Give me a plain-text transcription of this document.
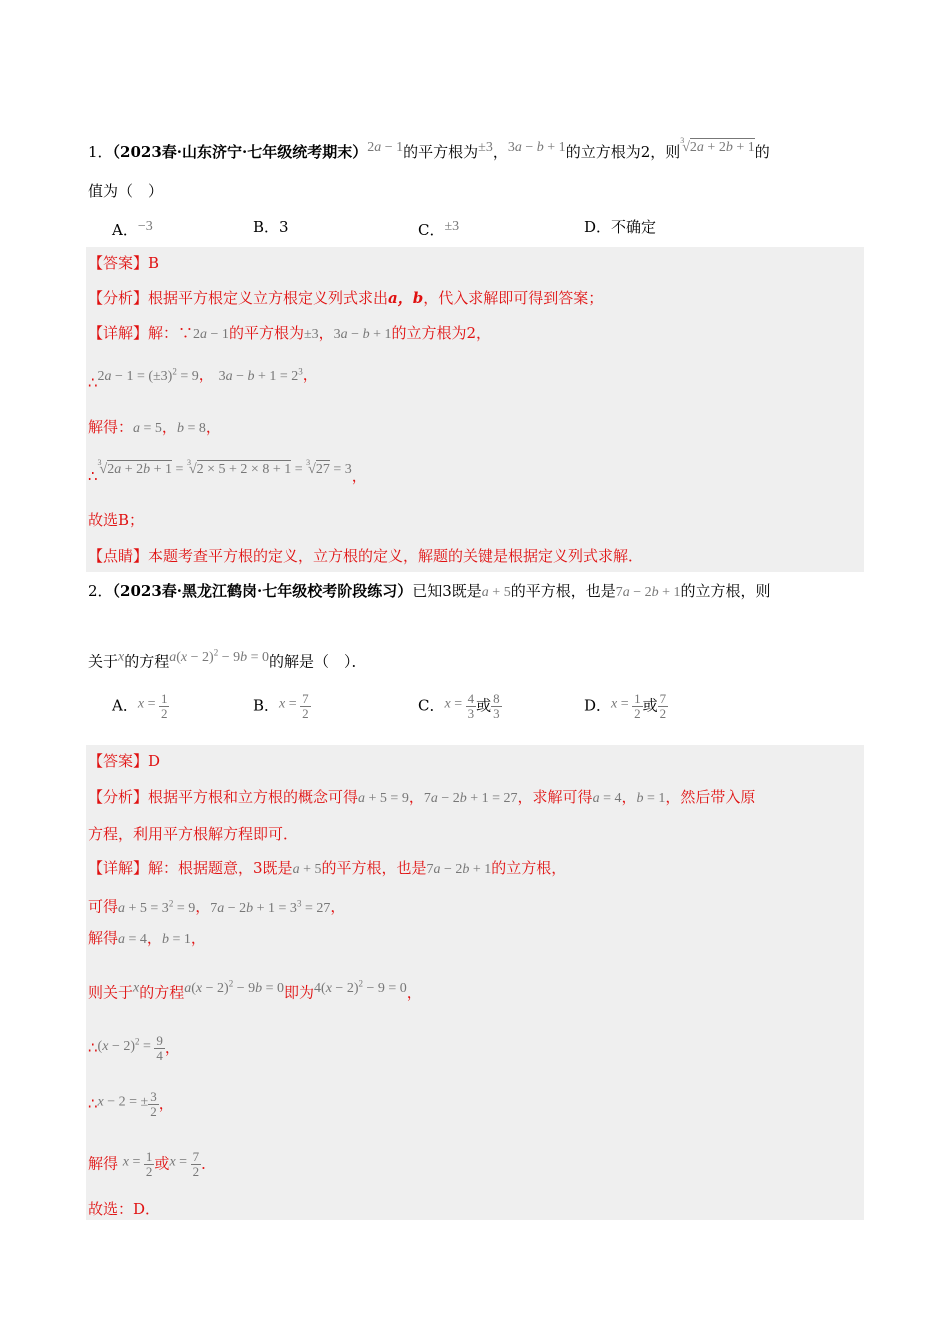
1．（2023春·山东济宁·七年级统考期末）2a − 1的平方根为±3，3a − b + 1的立方根为2，则$^3$√2a + 2b + 1的
值为（　）
A．−3	B．3	C．±3	D．不确定
【答案】B
【分析】根据平方根定义立方根定义列式求出a，b，代入求解即可得到答案；
【详解】解：∵2a − 1的平方根为±3，3a − b + 1的立方根为2，
∴2a − $1 = (\pm 3)^2 = 9$， $3a - b + 1 = 2^3$，
解得：a = 5，b = 8，
∴$^3$√2a + 2b + 1 = $^3$√2 × 5 + 2 × 8 + 1 = $^3$√27 = 3，
故选B；
【点睛】本题考查平方根的定义，立方根的定义，解题的关键是根据定义列式求解．
2．（2023春·黑龙江鹤岗·七年级校考阶段练习）已知3既是a + 5的平方根，也是7a − 2b + 1的立方根，则
关于x的方程$a(x - 2)^2 - 9b = 0$的解是（　）．
A．$x = \frac{1}{2}$	B．$x = \frac{7}{2}$	C．$x = \frac{4}{3}$ 或 $\frac{8}{3}$	D．$x = \frac{1}{2}$ 或 $\frac{7}{2}$
【答案】D
【分析】根据平方根和立方根的概念可得a + 5 = 9，7a − 2b + 1 = 27，求解可得a = 4，b = 1，然后带入原
方程，利用平方根解方程即可．
【详解】解：根据题意，3既是a + 5的平方根，也是7a − 2b + 1的立方根，
可得$a + 5 = 3^2 = 9$，$7a - 2b + 1 = 3^3 = 27$，
解得a = 4，b = 1，
则关于x的方程$a(x - 2)^2 - 9b = 0$即为$4(x - 2)^2 - 9 = 0$，
∴(x − $2)^2 = \frac{9}{4}$ ，
∴x − 2 = ± $\frac{3}{2}$ ，
解得 $x = \frac{1}{2}$ 或$x = \frac{7}{2}$ ．
故选：D．
